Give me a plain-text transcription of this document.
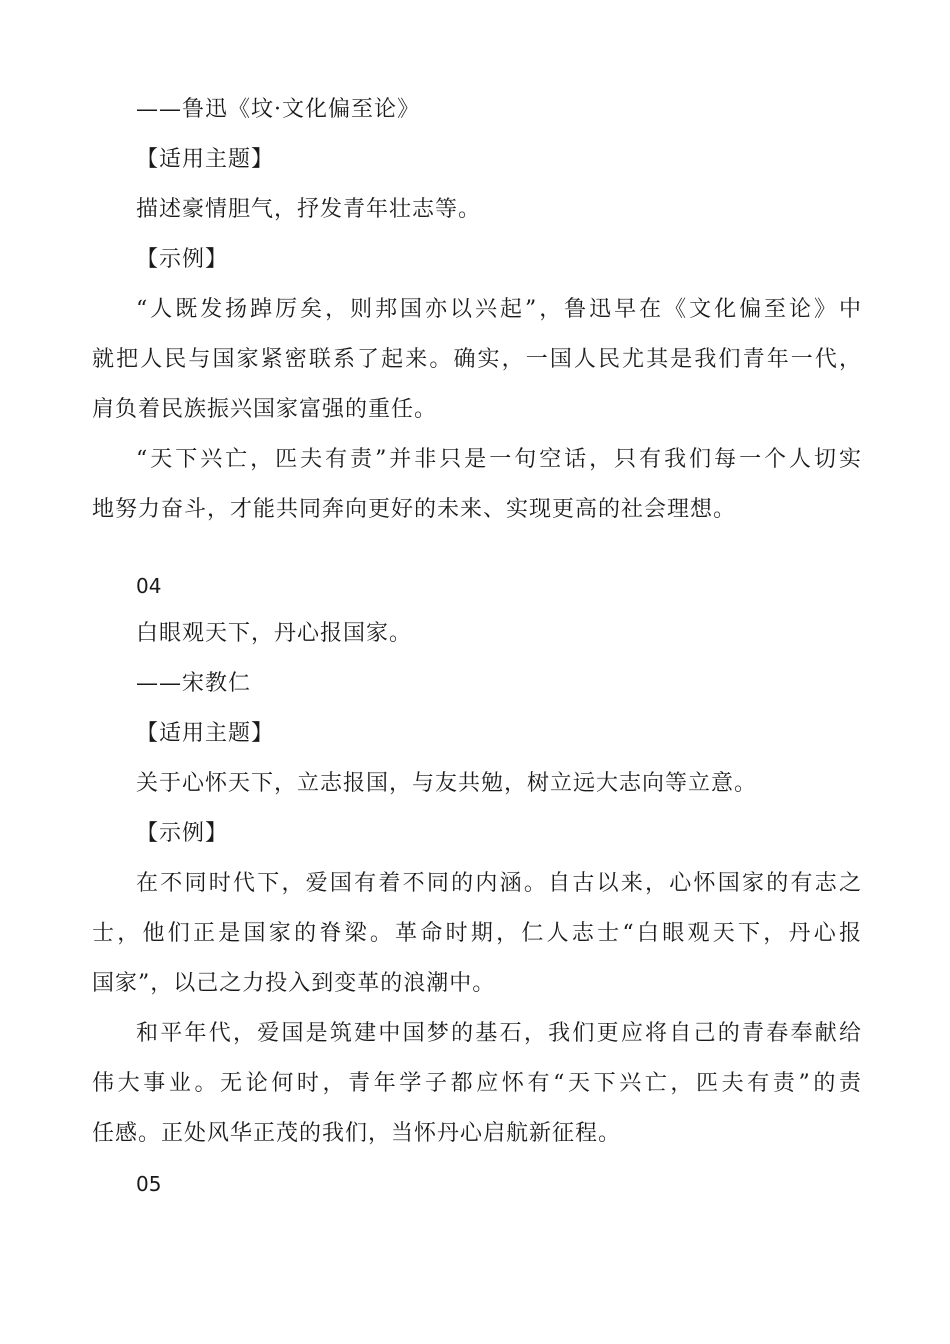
——鲁迅《坟·文化偏至论》
【适用主题】
描述豪情胆气，抒发青年壮志等。
【示例】
“人既发扬踔厉矣，则邦国亦以兴起”，鲁迅早在《文化偏至论》中
就把人民与国家紧密联系了起来。确实，一国人民尤其是我们青年一代，
肩负着民族振兴国家富强的重任。
“天下兴亡，匹夫有责”并非只是一句空话，只有我们每一个人切实
地努力奋斗，才能共同奔向更好的未来、实现更高的社会理想。
04
白眼观天下，丹心报国家。
——宋教仁
【适用主题】
关于心怀天下，立志报国，与友共勉，树立远大志向等立意。
【示例】
在不同时代下，爱国有着不同的内涵。自古以来，心怀国家的有志之
士，他们正是国家的脊梁。革命时期，仁人志士“白眼观天下，丹心报
国家”，以己之力投入到变革的浪潮中。
和平年代，爱国是筑建中国梦的基石，我们更应将自己的青春奉献给
伟大事业。无论何时，青年学子都应怀有“天下兴亡，匹夫有责”的责
任感。正处风华正茂的我们，当怀丹心启航新征程。
05
